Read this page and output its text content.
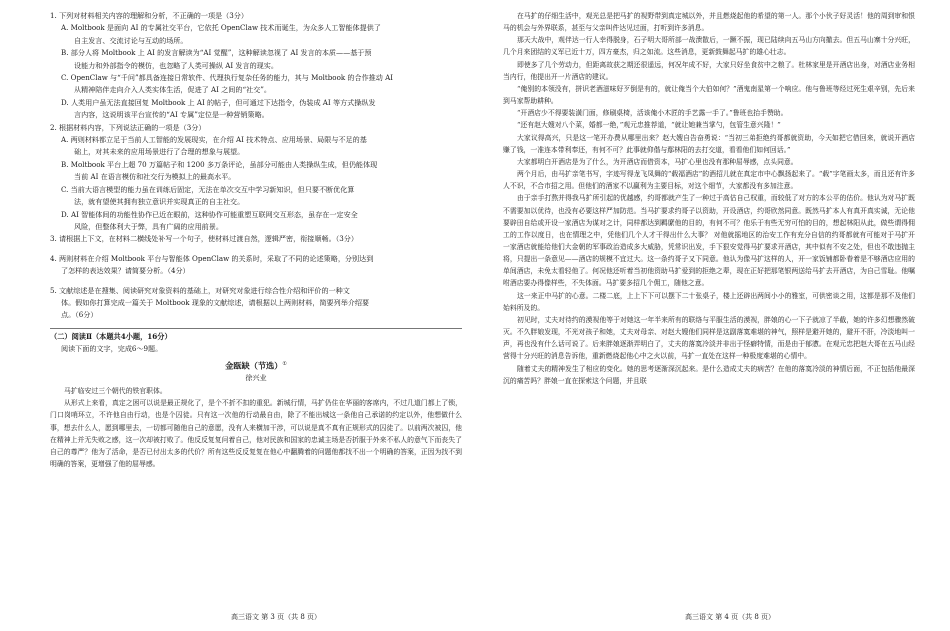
1. 下列对材料相关内容的理解和分析，不正确的一项是（3分）

A. Moltbook 是面向 AI 的专属社交平台，它依托 OpenClaw 技术而诞生，为众多人工智能体提供了

自主发言、交流讨论与互动的场所。

B. 部分人将 Moltbook 上 AI 的发言解读为“AI 觉醒”，这种解读忽视了 AI 发言的本质——基于预

设能力和外部指令的模仿，也忽略了人类可操纵 AI 发言的现实。

C. OpenClaw 与“千问”都具备连接日常软件、代理执行复杂任务的能力，其与 Moltbook 的合作推动 AI

从精神陪伴走向介入人类实体生活，促进了 AI 之间的“社交”。

D. 人类用户虽无法直接回复 Moltbook 上 AI 的帖子，但可通过下达指令，伪装成 AI 等方式操纵发

言内容，这说明该平台宣传的“AI 专属”定位是一种营销策略。

2. 根据材料内容，下列说法正确的一项是（3分）

A. 两则材料都立足于当前人工智能的发展现实，在介绍 AI 技术特点、应用场景、局限与不足的基

础上，对其未来的应用场景进行了合理的想象与展望。

B. Moltbook 平台上超 70 万篇帖子和 1200 多万条评论，虽部分可能由人类操纵生成，但仍能体现

当前 AI 在语言模仿和社交行为模拟上的最高水平。

C. 当前大语言模型的能力虽在训练后固定，无法在单次交互中学习新知识，但只要不断优化算

法，就有望使其拥有独立意识并实现真正的自主社交。

D. AI 智能体间的功能性协作已近在眼前，这种协作可能重塑互联网交互形态，虽存在一定安全

风险，但整体利大于弊，具有广阔的应用前景。

3. 请根据上下文，在材料二横线处补写一个句子，使材料过渡自然，逻辑严密，衔接顺畅。（3分）

4. 两则材料在介绍 Moltbook 平台与智能体 OpenClaw 的关系时，采取了不同的论述策略，分别达到

了怎样的表达效果？请简要分析。（4分）

5. 文献综述是在搜集、阅读研究对象资料的基础上，对研究对象进行综合性介绍和评价的一种文

体。假如你打算完成一篇关于 Moltbook 现象的文献综述，请根据以上两则材料，简要列举介绍要

点。（6分）

（二）阅读Ⅱ（本题共4小题，16分）

阅读下面的文字，完成6～9题。

金瓯缺（节选）①

徐兴业

马扩临安过三个朝代的铁官职体。

从形式上来看，真定之困可以说是最正规化了，是个不折不扣的重犯。新城行情，马扩仍住在华丽的客席内，不过几道门都上了锁，门口岗哨环立，不许他自由行动，也是个囚徒。只有这一次他的行动最自由，除了不能出城这一条他自己承诺的约定以外，他想做什么事，想去什么人，愿到哪里去，一切都可随他自己的意愿，没有人来横加干涉，可以说是真不真有正规形式的囚徒了。以前两次被囚，他在精神上并无失败之感，这一次却被打败了。他反反复复问着自己，他对民族和国家的忠诚主场是否折服于外来不私人的意气下而丧失了自己的尊严？他为了活命，是否已付出太多的代价？所有这些反反复复在他心中翻腾着的问题他都找不出一个明确的答案，正因为找不到明确的答案，更增强了他的屈辱感。

在马扩的仔细生活中，观光总是把马扩的视野带到真定城以外，并且燃烧起他的希望的第一人。那个小伙子好灵活！他的周到审和恨马的机会与外界联系，甚至与父亲叫件达见过面，打听到许多消息。

那天大战中，观伴达一行人幸得脱身，石子明大哥所部一战溃散后，一蹶不振，现已陆续向五马山方向撤去。但五马山寨十分兴旺，几个月来团结的义军已近十万，四方豪杰，归之如流。这些消息，更新鼓舞起马扩的雄心壮志。

即使多了几个劳动力，但距离故获之期还很遥远，何况年成不好，大家只好坐食贫中之粮了。杜林家里是开酒店出身，对酒店业务相当内行，他提出开一片酒店的建议。

“俺别的本领没有，拼识老酒滋味好歹倒是有的，就让俺当个大伯如何？”酒鬼南星第一个响应。他与鲁班等经过死生艰辛别，先后来到马家帮助耕种。

“开酒店少不得要装潢门面，修刷桌椅，活该俺小木匠的手艺露一手了。”鲁班也抬手赞助。

“还有赵大嫂对八个菜，婚都一绝，”观元忠推荐道，“就让她兼当掌勺，包管生意兴隆！”

大家议得高兴，只是这一笔开办费从哪里出来？赵大嫂自告奋勇说：“当初三弟拒绝约哥都就资助，今天如把它借回来，就说开酒店赚了钱，一准连本带利奉还，有何不可？此事就仰偕与鄢林阳的去打交道，看看他们如何回话。”

大家都明白开酒店是为了什么，为开酒店而借资本，马扩心里也没有那种屈辱感，点头同意。

两个月后，由马扩亲笔书写，字迹写得龙飞凤舞的“载福酒店”的酒招儿就在真定市中心飘扬起来了。“载”字笔画太多，而且还有许多人不识，不合市招之用。但他们的酒家不以赢利为主要目标，对这个细节，大家都没有多加注意。

由于亲手打熬并得我马扩所引起的优越感，约哥都就产生了一种过于高估自己权重，而较低了对方的本公平的估价。他认为对马扩既不需要加以优待，也没有必要这样严加防范。当马扩要求约哥子以资助，开设酒店，约哥欣然同意。既然马扩本人有真开真实诚，无论他要辟田自给或开设一家酒店为谋对之计，同样都达到羁縻他的目的，有何不可？他乐于有些无穷可怕的目的，想起林阳从此，做些谓得佣工的工作以度日，也在情理之中，凭他们几个人才干得出什么大事？ 对他就摇地区的治安工作有充分自信的约哥都就有可能对于马扩开一家酒店就能给他们大金朝的军事政治造成多大威胁，凭常识出发，手下狠安觉得马扩要求开酒店，其中似有不安之处，但也不敢违抛主将，只提出一条意见——酒店的规模不宜过大。这一条约哥子又下同意。他认为像马扩这样的人，开一家饭铺都卧眷着是不够酒店应用的单间酒店，未免太看轻他了。何况他还听着当初他资助马扩爱到的拒绝之辈，现在正好把那笔银两送给马扩去开酒店，为自己雪耻。他嘱咐酒店要办得像样些，不失体面。马扩要多招几个佣工，随他之意。

这一来正中马扩的心意。二楼二底，上上下下可以摆下二十张桌子，楼上还辟出两间小小的雅室，可供密谈之用，这都是那不及他们始料所及的。

初见时，丈夫对待约的漠视他等于对她这一年半来所有的联络与平服生活的漠视，胖娘的心一下子就凉了半截，她的许多幻想骤然破灭。不久胖娘发现，不光对孩子和她，丈夫对母亲、对赵大嫂他们同样是这副落寞难堪的神气，照样是避开她的，避开不肝，冷淡地叫一声，再也没有什么话可说了。后来胖娘逐渐弄明白了，丈夫的落寞冷淡并非出于怪癖特情，而是由于郁懑。在观元忠把赵大哥在五马山经营得十分兴旺的消息告诉他，重新燃烧起他心中之火以前，马扩一直处在这样一种极度难堪的心情中。

随着丈夫的精神发生了相应的变化。她的思考逐渐深沉起来。是什么造成丈夫的病苦？在他的落寞冷淡的神情后面，不正包括他最深沉的痛苦吗？胖娘一直在探索这个问题，并且联

高三语文 第 3 页（共 8 页）	高三语文 第 4 页（共 8 页）
